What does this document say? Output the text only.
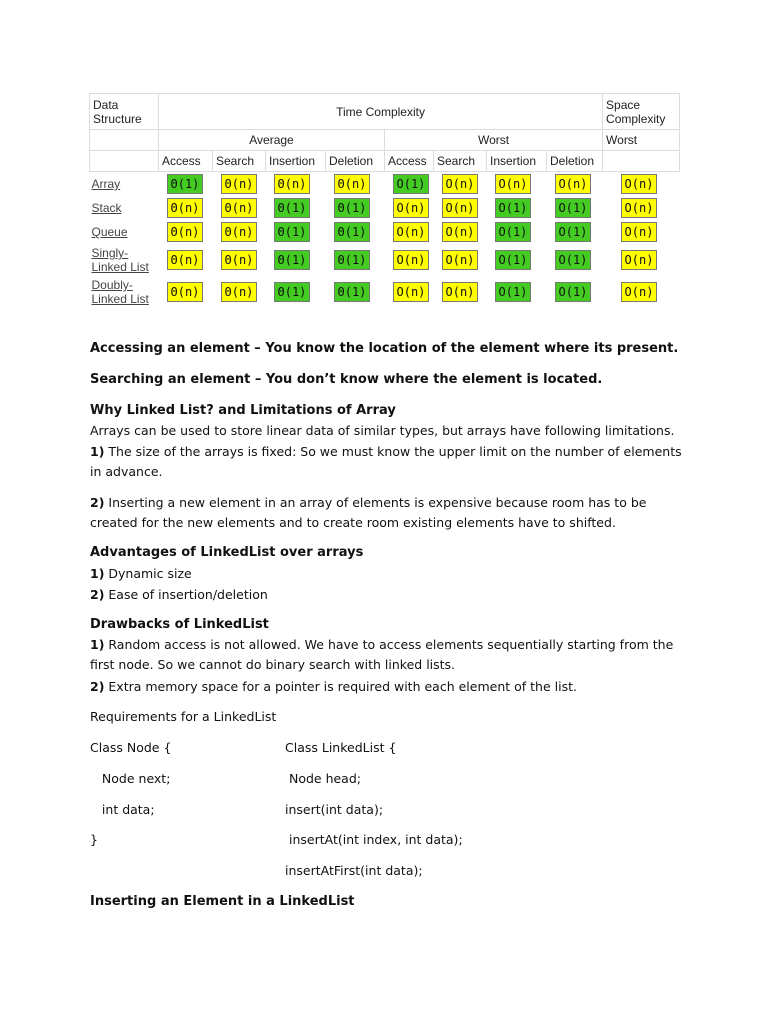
Data Structure	Time Complexity								Space Complexity
	Average				Worst				Worst
	Access	Search	Insertion	Deletion	Access	Search	Insertion	Deletion	
Array	Θ(1)	Θ(n)	Θ(n)	Θ(n)	O(1)	O(n)	O(n)	O(n)	O(n)
Stack	Θ(n)	Θ(n)	Θ(1)	Θ(1)	O(n)	O(n)	O(1)	O(1)	O(n)
Queue	Θ(n)	Θ(n)	Θ(1)	Θ(1)	O(n)	O(n)	O(1)	O(1)	O(n)
Singly-Linked List	Θ(n)	Θ(n)	Θ(1)	Θ(1)	O(n)	O(n)	O(1)	O(1)	O(n)
Doubly-Linked List	Θ(n)	Θ(n)	Θ(1)	Θ(1)	O(n)	O(n)	O(1)	O(1)	O(n)
Accessing an element – You know the location of the element where its present.
Searching an element – You don’t know where the element is located.
Why Linked List? and Limitations of Array
Arrays can be used to store linear data of similar types, but arrays have following limitations.
1) The size of the arrays is fixed: So we must know the upper limit on the number of elements in advance.
2) Inserting a new element in an array of elements is expensive because room has to be created for the new elements and to create room existing elements have to shifted.
Advantages of LinkedList over arrays
1) Dynamic size
2) Ease of insertion/deletion
Drawbacks of LinkedList
1) Random access is not allowed. We have to access elements sequentially starting from the first node. So we cannot do binary search with linked lists.
2) Extra memory space for a pointer is required with each element of the list.
Requirements for a LinkedList
Class Node {
Node next;
int data;
}
Class LinkedList {
Node head;
insert(int data);
insertAt(int index, int data);
insertAtFirst(int data);
Inserting an Element in a LinkedList
